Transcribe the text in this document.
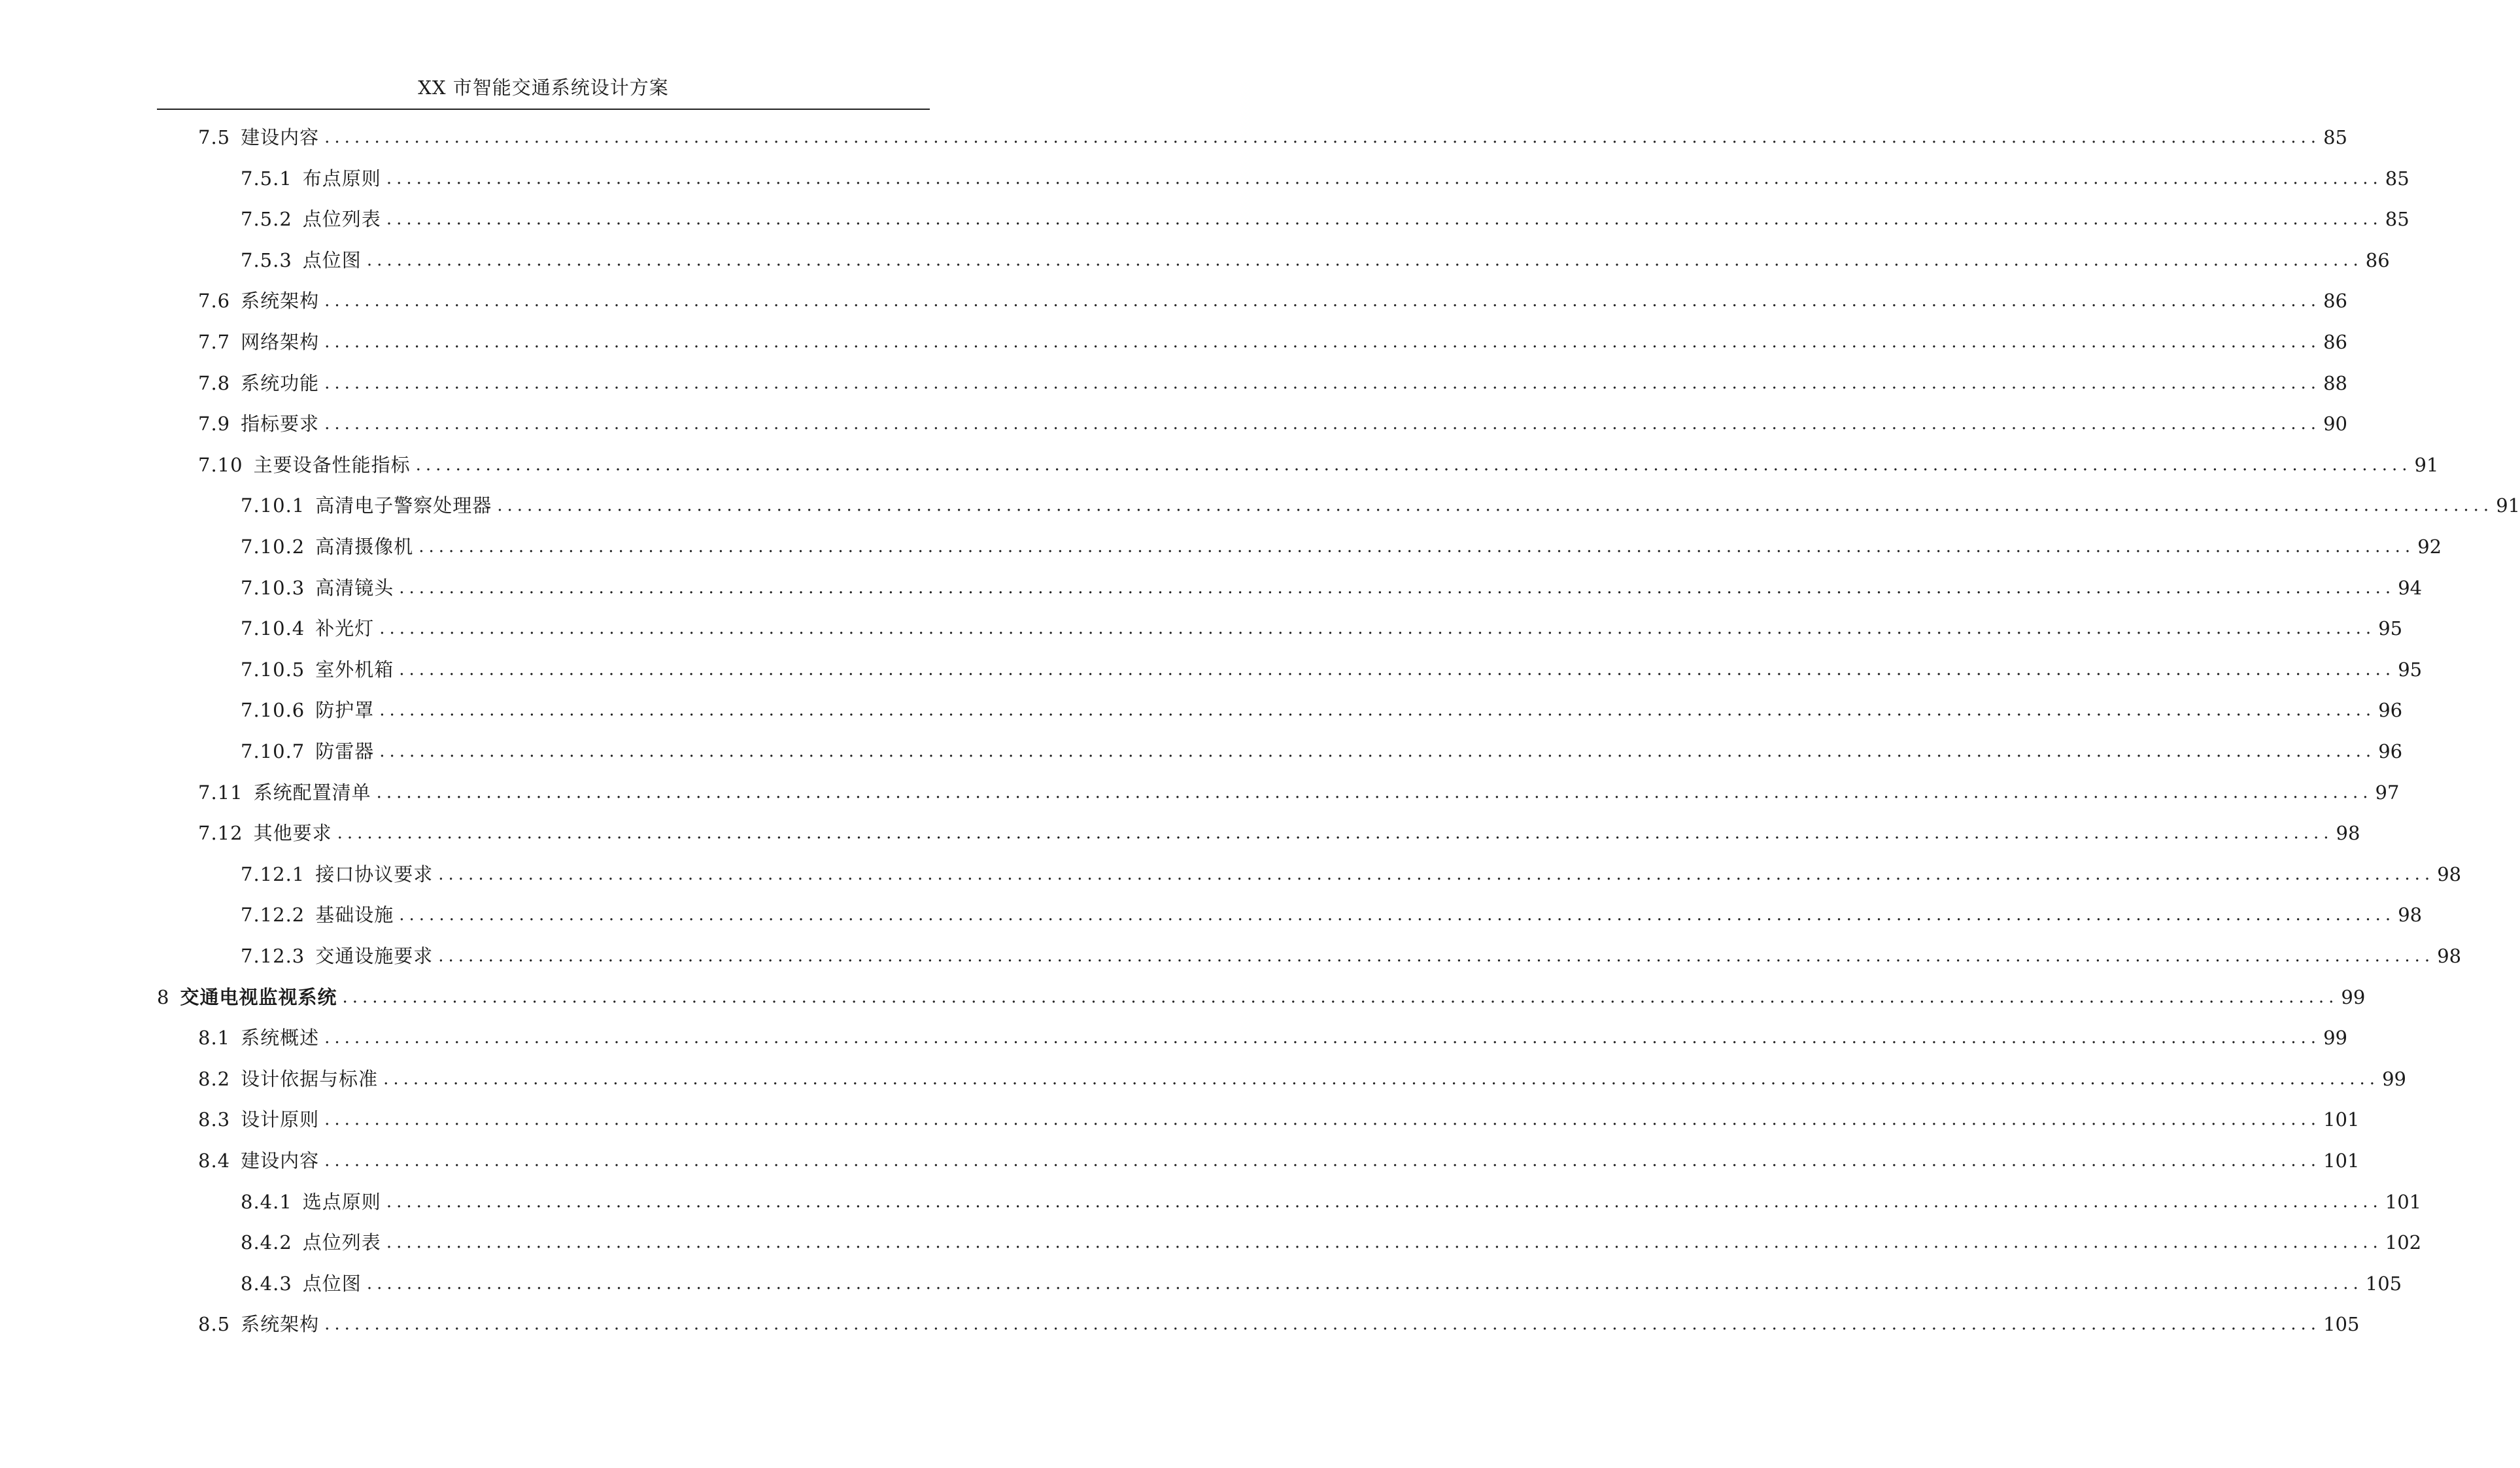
XX 市智能交通系统设计方案
7.5 建设内容 ........................................................................................................................................................................................................ 85
7.5.1 布点原则 ........................................................................................................................................................................................................ 85
7.5.2 点位列表 ........................................................................................................................................................................................................ 85
7.5.3 点位图 ........................................................................................................................................................................................................ 86
7.6 系统架构 ........................................................................................................................................................................................................ 86
7.7 网络架构 ........................................................................................................................................................................................................ 86
7.8 系统功能 ........................................................................................................................................................................................................ 88
7.9 指标要求 ........................................................................................................................................................................................................ 90
7.10 主要设备性能指标 ........................................................................................................................................................................................................ 91
7.10.1 高清电子警察处理器 ........................................................................................................................................................................................................ 91
7.10.2 高清摄像机 ........................................................................................................................................................................................................ 92
7.10.3 高清镜头 ........................................................................................................................................................................................................ 94
7.10.4 补光灯 ........................................................................................................................................................................................................ 95
7.10.5 室外机箱 ........................................................................................................................................................................................................ 95
7.10.6 防护罩 ........................................................................................................................................................................................................ 96
7.10.7 防雷器 ........................................................................................................................................................................................................ 96
7.11 系统配置清单 ........................................................................................................................................................................................................ 97
7.12 其他要求 ........................................................................................................................................................................................................ 98
7.12.1 接口协议要求 ........................................................................................................................................................................................................ 98
7.12.2 基础设施 ........................................................................................................................................................................................................ 98
7.12.3 交通设施要求 ........................................................................................................................................................................................................ 98
8 交通电视监视系统 ........................................................................................................................................................................................................ 99
8.1 系统概述 ........................................................................................................................................................................................................ 99
8.2 设计依据与标准 ........................................................................................................................................................................................................ 99
8.3 设计原则 ........................................................................................................................................................................................................ 101
8.4 建设内容 ........................................................................................................................................................................................................ 101
8.4.1 选点原则 ........................................................................................................................................................................................................ 101
8.4.2 点位列表 ........................................................................................................................................................................................................ 102
8.4.3 点位图 ........................................................................................................................................................................................................ 105
8.5 系统架构 ........................................................................................................................................................................................................ 105
